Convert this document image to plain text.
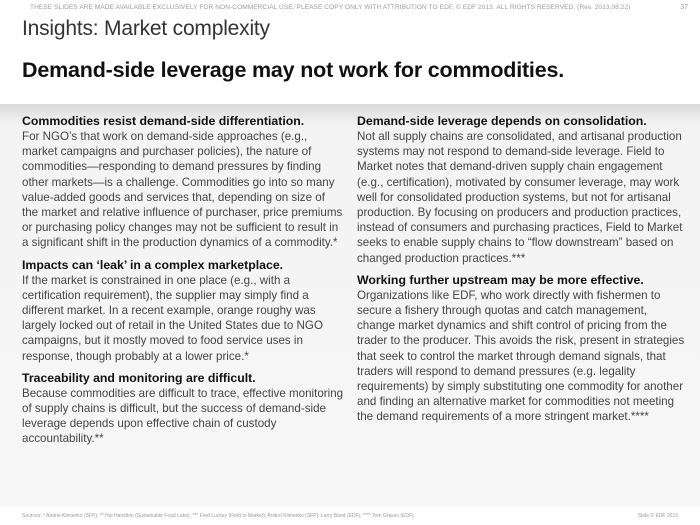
THESE SLIDES ARE MADE AVAILABLE EXCLUSIVELY FOR NON-COMMERCIAL USE. PLEASE COPY ONLY WITH ATTRIBUTION TO EDF. © EDF 2013. ALL RIGHTS RESERVED. (Rev. 2013.08.22)	37
Insights: Market complexity
Demand-side leverage may not work for commodities.
Commodities resist demand-side differentiation.
For NGO’s that work on demand-side approaches (e.g., market campaigns and purchaser policies), the nature of commodities—responding to demand pressures by finding other markets—is a challenge. Commodities go into so many value-added goods and services that, depending on size of the market and relative influence of purchaser, price premiums or purchasing policy changes may not be sufficient to result in a significant shift in the production dynamics of a commodity.*
Impacts can ‘leak’ in a complex marketplace.
If the market is constrained in one place (e.g., with a certification requirement), the supplier may simply find a different market. In a recent example, orange roughy was largely locked out of retail in the United States due to NGO campaigns, but it mostly moved to food service uses in response, though probably at a lower price.*
Traceability and monitoring are difficult.
Because commodities are difficult to trace, effective monitoring of supply chains is difficult, but the success of demand-side leverage depends upon effective chain of custody accountability.**
Demand-side leverage depends on consolidation.
Not all supply chains are consolidated, and artisanal production systems may not respond to demand-side leverage. Field to Market notes that demand-driven supply chain engagement (e.g., certification), motivated by consumer leverage, may work well for consolidated production systems, but not for artisanal production. By focusing on producers and production practices, instead of consumers and purchasing practices, Field to Market seeks to enable supply chains to “flow downstream” based on changed production practices.***
Working further upstream may be more effective.
Organizations like EDF, who work directly with fishermen to secure a fishery through quotas and catch management, change market dynamics and shift control of pricing from the trader to the producer. This avoids the risk, present in strategies that seek to control the market through demand signals, that traders will respond to demand pressures (e.g. legality requirements) by simply substituting one commodity for another and finding an alternative market for commodities not meeting the demand requirements of a more stringent market.****
Sources: * Andrei Klimenko (SFP); ** Hal Hamilton (Sustainable Food Labs); *** Fred Luckey (Field to Market); Andrei Klimenko (SFP); Larry Band (EDF); **** Tom Grasso (EDF)	Slide © EDF 2013
